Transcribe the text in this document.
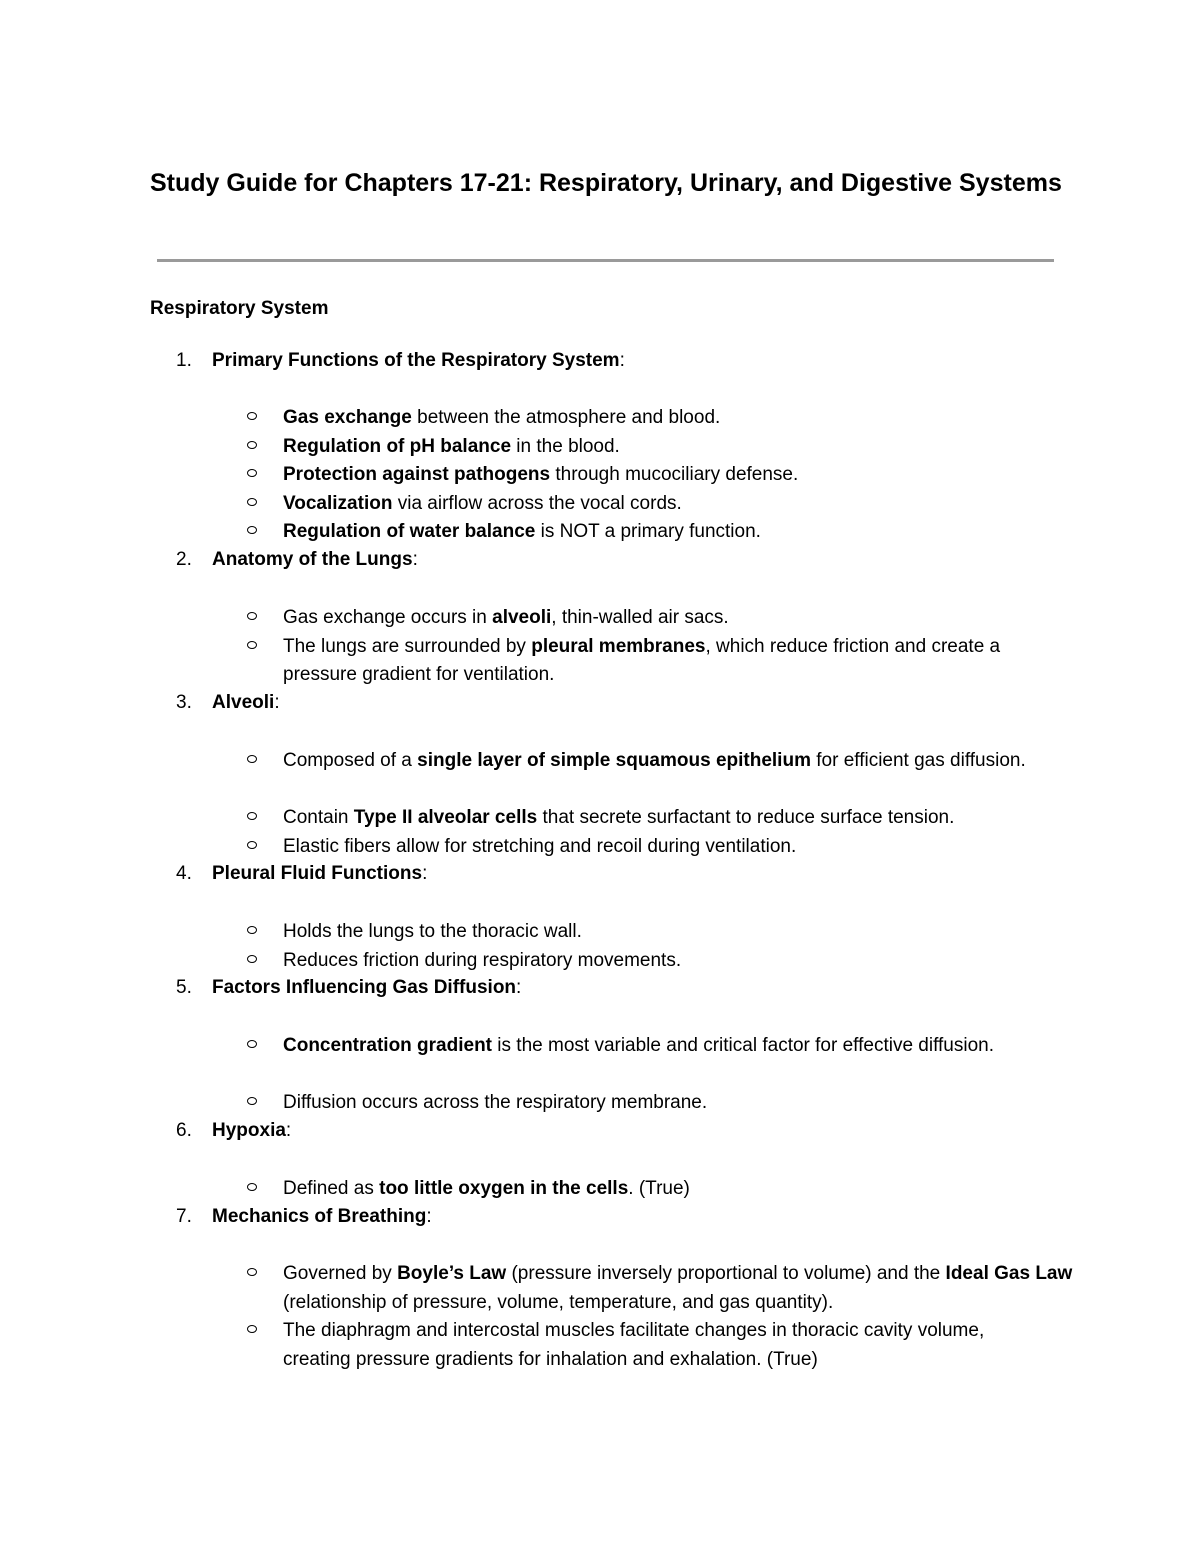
Study Guide for Chapters 17-21: Respiratory, Urinary, and Digestive Systems
Respiratory System
1. Primary Functions of the Respiratory System:
Gas exchange between the atmosphere and blood.
Regulation of pH balance in the blood.
Protection against pathogens through mucociliary defense.
Vocalization via airflow across the vocal cords.
Regulation of water balance is NOT a primary function.
2. Anatomy of the Lungs:
Gas exchange occurs in alveoli, thin-walled air sacs.
The lungs are surrounded by pleural membranes, which reduce friction and create a pressure gradient for ventilation.
3. Alveoli:
Composed of a single layer of simple squamous epithelium for efficient gas diffusion.
Contain Type II alveolar cells that secrete surfactant to reduce surface tension.
Elastic fibers allow for stretching and recoil during ventilation.
4. Pleural Fluid Functions:
Holds the lungs to the thoracic wall.
Reduces friction during respiratory movements.
5. Factors Influencing Gas Diffusion:
Concentration gradient is the most variable and critical factor for effective diffusion.
Diffusion occurs across the respiratory membrane.
6. Hypoxia:
Defined as too little oxygen in the cells. (True)
7. Mechanics of Breathing:
Governed by Boyle’s Law (pressure inversely proportional to volume) and the Ideal Gas Law (relationship of pressure, volume, temperature, and gas quantity).
The diaphragm and intercostal muscles facilitate changes in thoracic cavity volume, creating pressure gradients for inhalation and exhalation. (True)
